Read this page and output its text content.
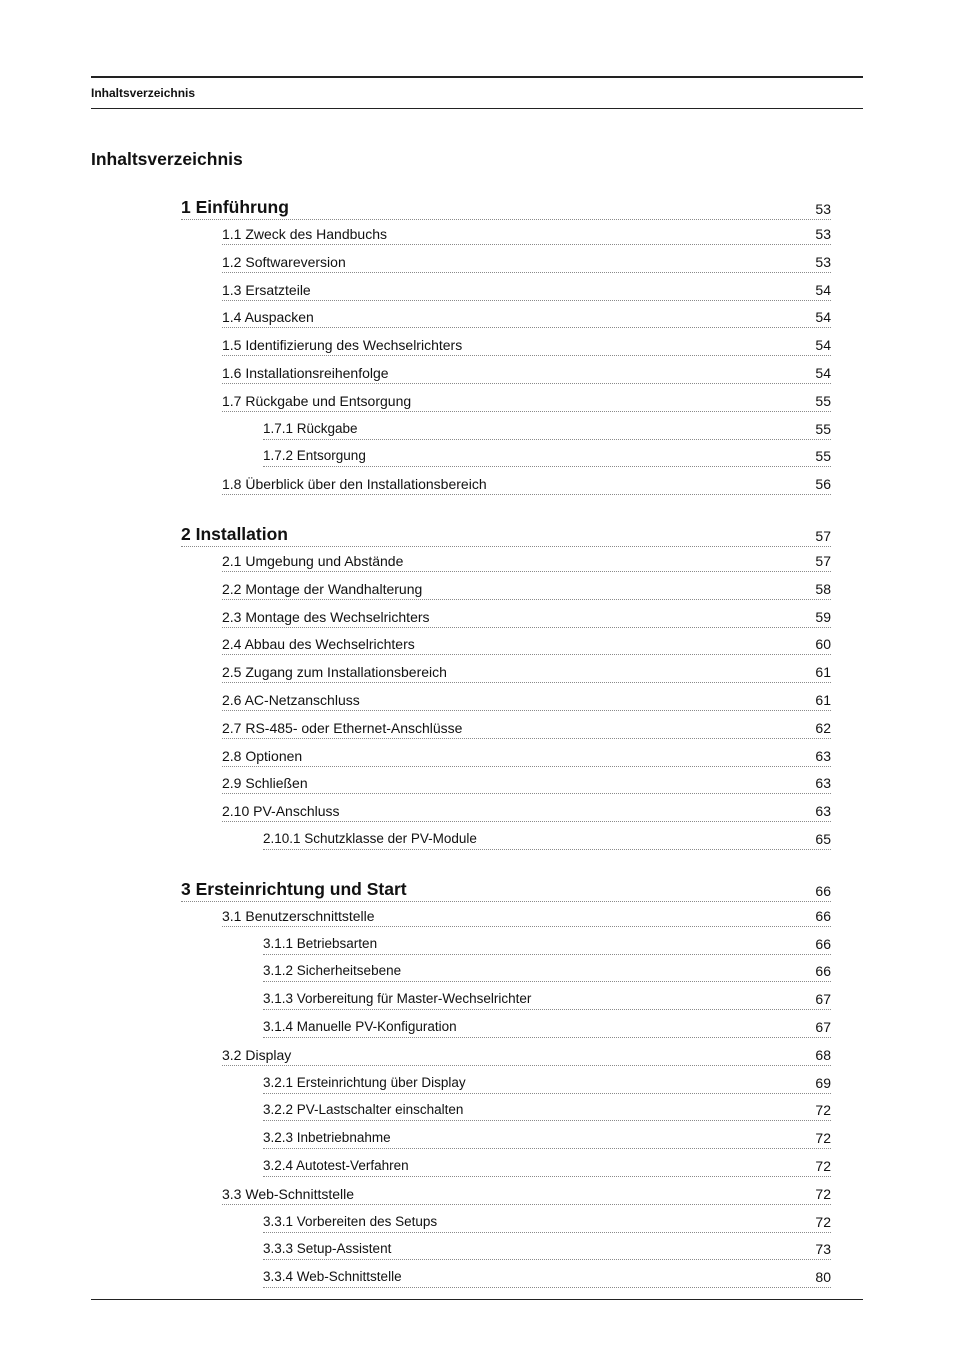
Inhaltsverzeichnis
Inhaltsverzeichnis
1 Einführung	53
1.1 Zweck des Handbuchs	53
1.2 Softwareversion	53
1.3 Ersatzteile	54
1.4 Auspacken	54
1.5 Identifizierung des Wechselrichters	54
1.6 Installationsreihenfolge	54
1.7 Rückgabe und Entsorgung	55
1.7.1 Rückgabe	55
1.7.2 Entsorgung	55
1.8 Überblick über den Installationsbereich	56
2 Installation	57
2.1 Umgebung und Abstände	57
2.2 Montage der Wandhalterung	58
2.3 Montage des Wechselrichters	59
2.4 Abbau des Wechselrichters	60
2.5 Zugang zum Installationsbereich	61
2.6 AC-Netzanschluss	61
2.7 RS-485- oder Ethernet-Anschlüsse	62
2.8 Optionen	63
2.9 Schließen	63
2.10 PV-Anschluss	63
2.10.1 Schutzklasse der PV-Module	65
3 Ersteinrichtung und Start	66
3.1 Benutzerschnittstelle	66
3.1.1 Betriebsarten	66
3.1.2 Sicherheitsebene	66
3.1.3 Vorbereitung für Master-Wechselrichter	67
3.1.4 Manuelle PV-Konfiguration	67
3.2 Display	68
3.2.1 Ersteinrichtung über Display	69
3.2.2 PV-Lastschalter einschalten	72
3.2.3 Inbetriebnahme	72
3.2.4 Autotest-Verfahren	72
3.3 Web-Schnittstelle	72
3.3.1 Vorbereiten des Setups	72
3.3.3 Setup-Assistent	73
3.3.4 Web-Schnittstelle	80
